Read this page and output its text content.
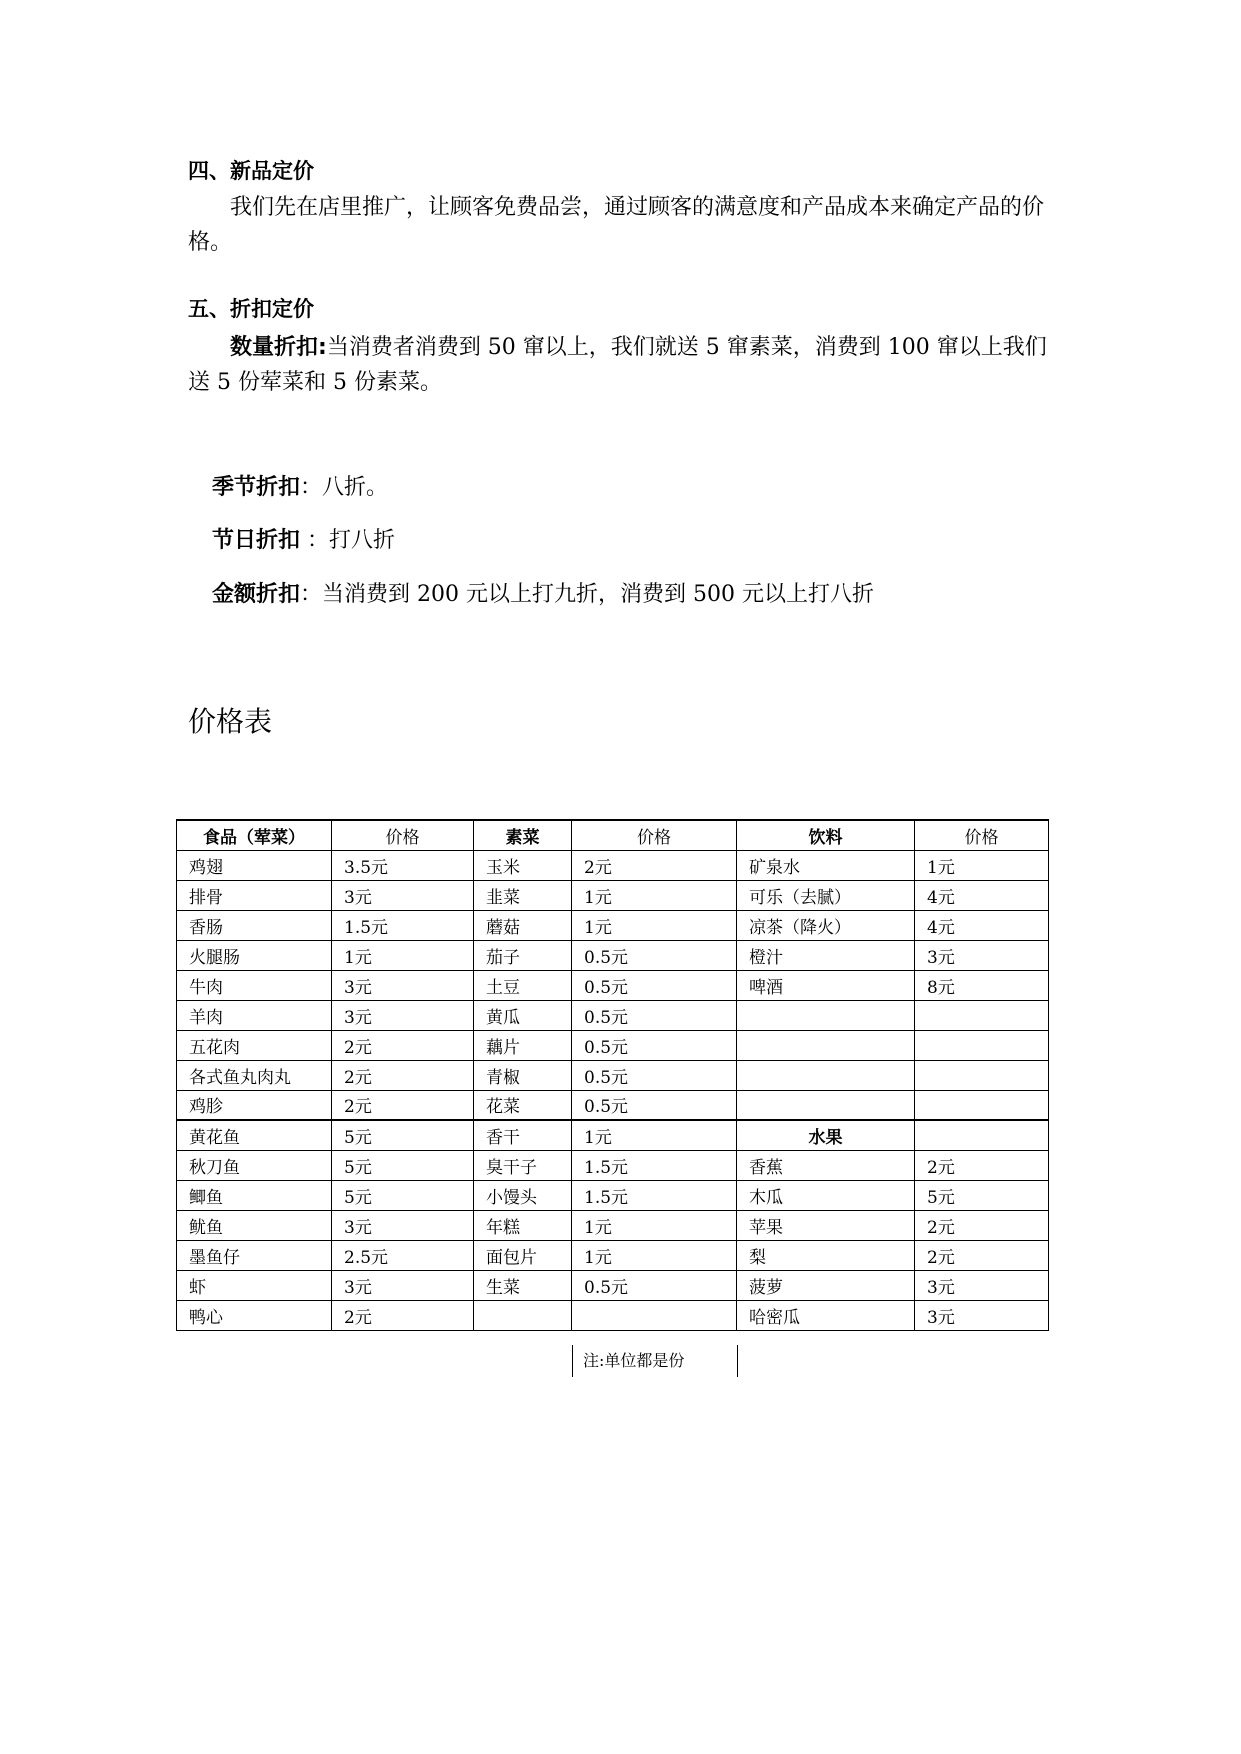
四、新品定价
我们先在店里推广，让顾客免费品尝，通过顾客的满意度和产品成本来确定产品的价格。
五、折扣定价
数量折扣:当消费者消费到 50 窜以上，我们就送 5 窜素菜，消费到 100 窜以上我们送 5 份荤菜和 5 份素菜。
季节折扣：八折。
节日折扣 ：打八折
金额折扣：当消费到 200 元以上打九折，消费到 500 元以上打八折
价格表
食品（荤菜）	价格	素菜	价格	饮料	价格
鸡翅	3.5元	玉米	2元	矿泉水	1元
排骨	3元	韭菜	1元	可乐（去腻）	4元
香肠	1.5元	蘑菇	1元	凉茶（降火）	4元
火腿肠	1元	茄子	0.5元	橙汁	3元
牛肉	3元	土豆	0.5元	啤酒	8元
羊肉	3元	黄瓜	0.5元		
五花肉	2元	藕片	0.5元		
各式鱼丸肉丸	2元	青椒	0.5元		
鸡胗	2元	花菜	0.5元		
黄花鱼	5元	香干	1元	水果	
秋刀鱼	5元	臭干子	1.5元	香蕉	2元
鲫鱼	5元	小馒头	1.5元	木瓜	5元
鱿鱼	3元	年糕	1元	苹果	2元
墨鱼仔	2.5元	面包片	1元	梨	2元
虾	3元	生菜	0.5元	菠萝	3元
鸭心	2元			哈密瓜	3元
注:单位都是份
